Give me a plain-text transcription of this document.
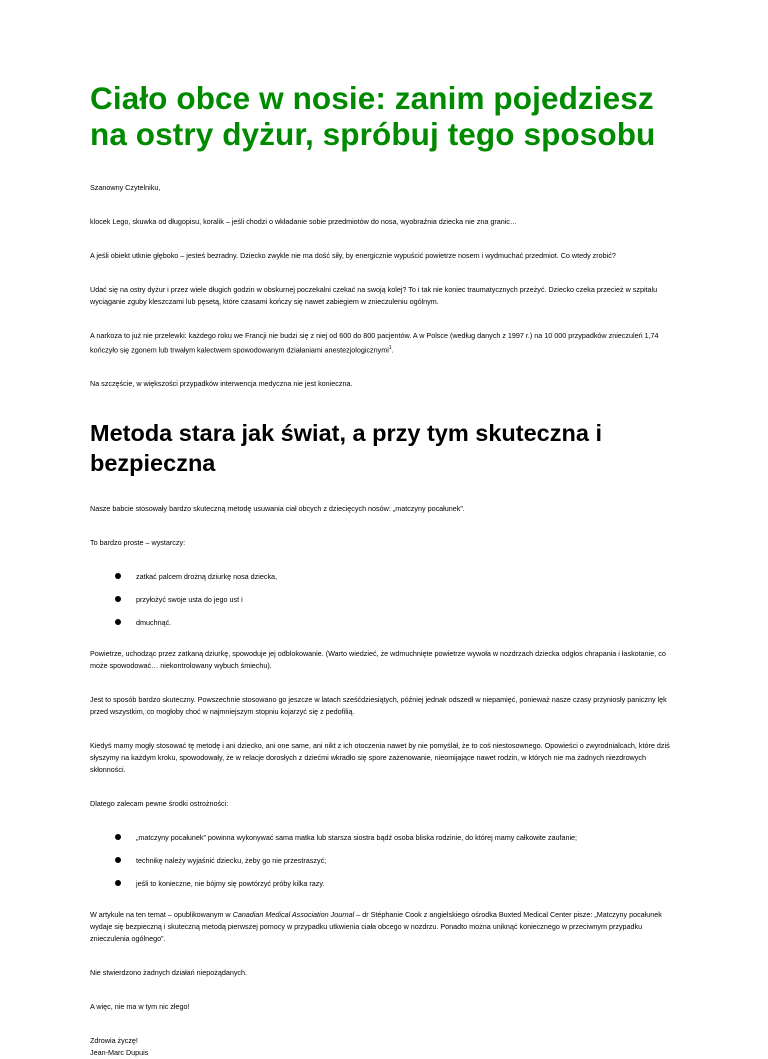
Ciało obce w nosie: zanim pojedziesz na ostry dyżur, spróbuj tego sposobu

Szanowny Czytelniku,

klocek Lego, skuwka od długopisu, koralik – jeśli chodzi o wkładanie sobie przedmiotów do nosa, wyobraźnia dziecka nie zna granic…

A jeśli obiekt utknie głęboko – jesteś bezradny. Dziecko zwykle nie ma dość siły, by energicznie wypuścić powietrze nosem i wydmuchać przedmiot. Co wtedy zrobić?

Udać się na ostry dyżur i przez wiele długich godzin w obskurnej poczekalni czekać na swoją kolej? To i tak nie koniec traumatycznych przeżyć. Dziecko czeka przecież w szpitalu wyciąganie zguby kleszczami lub pęsetą, które czasami kończy się nawet zabiegiem w znieczuleniu ogólnym.

A narkoza to już nie przelewki: każdego roku we Francji nie budzi się z niej od 600 do 800 pacjentów. A w Polsce (według danych z 1997 r.) na 10 000 przypadków znieczuleń 1,74 kończyło się zgonem lub trwałym kalectwem spowodowanym działaniami anestezjologicznymi$^1$.

Na szczęście, w większości przypadków interwencja medyczna nie jest konieczna.

Metoda stara jak świat, a przy tym skuteczna i bezpieczna

Nasze babcie stosowały bardzo skuteczną metodę usuwania ciał obcych z dziecięcych nosów: „matczyny pocałunek”.

To bardzo proste – wystarczy:

zatkać palcem drożną dziurkę nosa dziecka,
przyłożyć swoje usta do jego ust i
dmuchnąć.

Powietrze, uchodząc przez zatkaną dziurkę, spowoduje jej odblokowanie. (Warto wiedzieć, że wdmuchnięte powietrze wywoła w nozdrzach dziecka odgłos chrapania i łaskotanie, co może spowodować… niekontrolowany wybuch śmiechu).

Jest to sposób bardzo skuteczny. Powszechnie stosowano go jeszcze w latach sześćdziesiątych, później jednak odszedł w niepamięć, ponieważ nasze czasy przyniosły paniczny lęk przed wszystkim, co mogłoby choć w najmniejszym stopniu kojarzyć się z pedofilią.

Kiedyś mamy mogły stosować tę metodę i ani dziecko, ani one same, ani nikt z ich otoczenia nawet by nie pomyślał, że to coś niestosownego. Opowieści o zwyrodnialcach, które dziś słyszymy na każdym kroku, spowodowały, że w relacje dorosłych z dziećmi wkradło się spore zażenowanie, nieomijające nawet rodzin, w których nie ma żadnych niezdrowych skłonności.

Dlatego zalecam pewne środki ostrożności:

„matczyny pocałunek” powinna wykonywać sama matka lub starsza siostra bądź osoba bliska rodzinie, do której mamy całkowite zaufanie;
technikę należy wyjaśnić dziecku, żeby go nie przestraszyć;
jeśli to konieczne, nie bójmy się powtórzyć próby kilka razy.

W artykule na ten temat – opublikowanym w Canadian Medical Association Journal – dr Stéphanie Cook z angielskiego ośrodka Buxted Medical Center pisze: „Matczyny pocałunek wydaje się bezpieczną i skuteczną metodą pierwszej pomocy w przypadku utkwienia ciała obcego w nozdrzu. Ponadto można uniknąć koniecznego w przeciwnym przypadku znieczulenia ogólnego”.

Nie stwierdzono żadnych działań niepożądanych.

A więc, nie ma w tym nic złego!

Zdrowia życzę!

Jean-Marc Dupuis
